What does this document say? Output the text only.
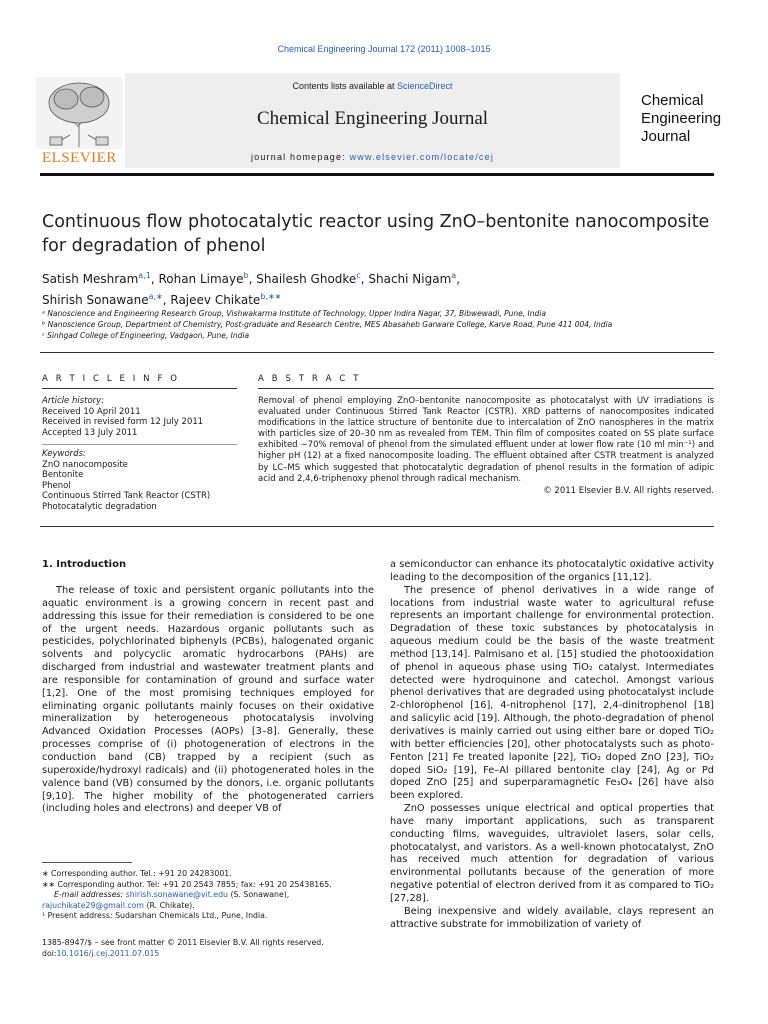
Chemical Engineering Journal 172 (2011) 1008–1015
Contents lists available at ScienceDirect
Chemical Engineering Journal
journal homepage: www.elsevier.com/locate/cej
ELSEVIER
Chemical
Engineering
Journal
Continuous flow photocatalytic reactor using ZnO–bentonite nanocomposite for degradation of phenol
Satish Meshram$^{a,1}$, Rohan Limaye$^b$, Shailesh Ghodke$^c$, Shachi Nigam$^a$,
Shirish Sonawane$^{a,∗}$, Rajeev Chikate$^{b,∗∗}$
ᵃ Nanoscience and Engineering Research Group, Vishwakarma Institute of Technology, Upper Indira Nagar, 37, Bibwewadi, Pune, India
ᵇ Nanoscience Group, Department of Chemistry, Post-graduate and Research Centre, MES Abasaheb Garware College, Karve Road, Pune 411 004, India
ᶜ Sinhgad College of Engineering, Vadgaon, Pune, India
A R T I C L E I N F O
Article history:
Received 10 April 2011
Received in revised form 12 July 2011
Accepted 13 July 2011
Keywords:
ZnO nanocomposite
Bentonite
Phenol
Continuous Stirred Tank Reactor (CSTR)
Photocatalytic degradation
A B S T R A C T
Removal of phenol employing ZnO–bentonite nanocomposite as photocatalyst with UV irradiations is evaluated under Continuous Stirred Tank Reactor (CSTR). XRD patterns of nanocomposites indicated modifications in the lattice structure of bentonite due to intercalation of ZnO nanospheres in the matrix with particles size of 20–30 nm as revealed from TEM. Thin film of composites coated on SS plate surface exhibited ∼70% removal of phenol from the simulated effluent under at lower flow rate (10 ml min⁻¹) and higher pH (12) at a fixed nanocomposite loading. The effluent obtained after CSTR treatment is analyzed by LC–MS which suggested that photocatalytic degradation of phenol results in the formation of adipic acid and 2,4,6-triphenoxy phenol through radical mechanism.
© 2011 Elsevier B.V. All rights reserved.
1. Introduction

The release of toxic and persistent organic pollutants into the aquatic environment is a growing concern in recent past and addressing this issue for their remediation is considered to be one of the urgent needs. Hazardous organic pollutants such as pesticides, polychlorinated biphenyls (PCBs), halogenated organic solvents and polycyclic aromatic hydrocarbons (PAHs) are discharged from industrial and wastewater treatment plants and are responsible for contamination of ground and surface water [1,2]. One of the most promising techniques employed for eliminating organic pollutants mainly focuses on their oxidative mineralization by heterogeneous photocatalysis involving Advanced Oxidation Processes (AOPs) [3–8]. Generally, these processes comprise of (i) photogeneration of electrons in the conduction band (CB) trapped by a recipient (such as superoxide/hydroxyl radicals) and (ii) photogenerated holes in the valence band (VB) consumed by the donors, i.e. organic pollutants [9,10]. The higher mobility of the photogenerated carriers (including holes and electrons) and deeper VB of

a semiconductor can enhance its photocatalytic oxidative activity leading to the decomposition of the organics [11,12].

The presence of phenol derivatives in a wide range of locations from industrial waste water to agricultural refuse represents an important challenge for environmental protection. Degradation of these toxic substances by photocatalysis in aqueous medium could be the basis of the waste treatment method [13,14]. Palmisano et al. [15] studied the photooxidation of phenol in aqueous phase using TiO₂ catalyst. Intermediates detected were hydroquinone and catechol. Amongst various phenol derivatives that are degraded using photocatalyst include 2-chlorophenol [16], 4-nitrophenol [17], 2,4-dinitrophenol [18] and salicylic acid [19]. Although, the photo-degradation of phenol derivatives is mainly carried out using either bare or doped TiO₂ with better efficiencies [20], other photocatalysts such as photo-Fenton [21] Fe treated laponite [22], TiO₂ doped ZnO [23], TiO₂ doped SiO₂ [19], Fe–Al pillared bentonite clay [24], Ag or Pd doped ZnO [25] and superparamagnetic Fe₃O₄ [26] have also been explored.

ZnO possesses unique electrical and optical properties that have many important applications, such as transparent conducting films, waveguides, ultraviolet lasers, solar cells, photocatalyst, and varistors. As a well-known photocatalyst, ZnO has received much attention for degradation of various environmental pollutants because of the generation of more negative potential of electron derived from it as compared to TiO₂ [27,28].

Being inexpensive and widely available, clays represent an attractive substrate for immobilization of variety of

∗ Corresponding author. Tel.: +91 20 24283001.
∗∗ Corresponding author. Tel: +91 20 2543 7855; fax: +91 20 25438165.
E-mail addresses: shirish.sonawane@vit.edu (S. Sonawane),
rajuchikate29@gmail.com (R. Chikate).
¹ Present address: Sudarshan Chemicals Ltd., Pune, India.
1385-8947/$ – see front matter © 2011 Elsevier B.V. All rights reserved.
doi:10.1016/j.cej.2011.07.015
